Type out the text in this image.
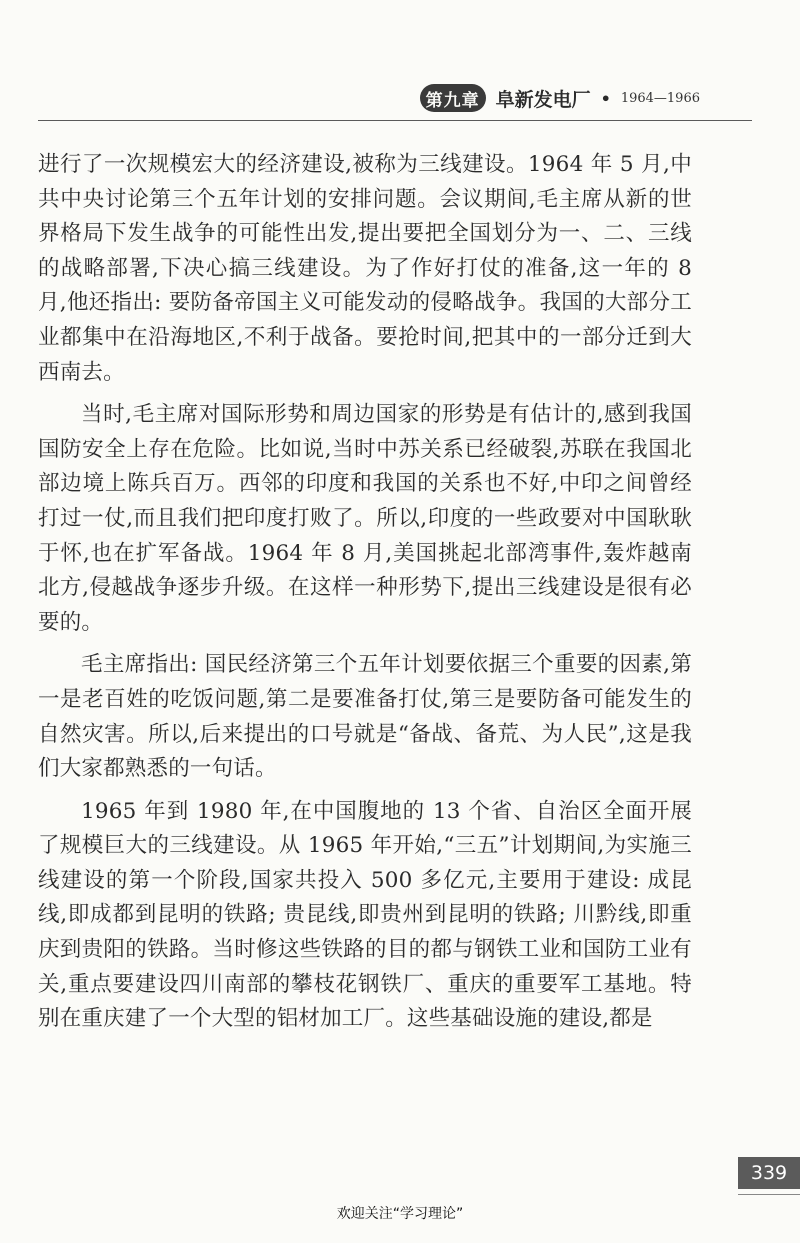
第九章 阜新发电厂 • 1964—1966

进行了一次规模宏大的经济建设,被称为三线建设。1964 年 5 月,中共中央讨论第三个五年计划的安排问题。会议期间,毛主席从新的世界格局下发生战争的可能性出发,提出要把全国划分为一、二、三线的战略部署,下决心搞三线建设。为了作好打仗的准备,这一年的 8 月,他还指出: 要防备帝国主义可能发动的侵略战争。我国的大部分工业都集中在沿海地区,不利于战备。要抢时间,把其中的一部分迁到大西南去。

当时,毛主席对国际形势和周边国家的形势是有估计的,感到我国国防安全上存在危险。比如说,当时中苏关系已经破裂,苏联在我国北部边境上陈兵百万。西邻的印度和我国的关系也不好,中印之间曾经打过一仗,而且我们把印度打败了。所以,印度的一些政要对中国耿耿于怀,也在扩军备战。1964 年 8 月,美国挑起北部湾事件,轰炸越南北方,侵越战争逐步升级。在这样一种形势下,提出三线建设是很有必要的。

毛主席指出: 国民经济第三个五年计划要依据三个重要的因素,第一是老百姓的吃饭问题,第二是要准备打仗,第三是要防备可能发生的自然灾害。所以,后来提出的口号就是“备战、备荒、为人民”,这是我们大家都熟悉的一句话。

1965 年到 1980 年,在中国腹地的 13 个省、自治区全面开展了规模巨大的三线建设。从 1965 年开始,“三五”计划期间,为实施三线建设的第一个阶段,国家共投入 500 多亿元,主要用于建设: 成昆线,即成都到昆明的铁路; 贵昆线,即贵州到昆明的铁路; 川黔线,即重庆到贵阳的铁路。当时修这些铁路的目的都与钢铁工业和国防工业有关,重点要建设四川南部的攀枝花钢铁厂、重庆的重要军工基地。特别在重庆建了一个大型的铝材加工厂。这些基础设施的建设,都是

339
欢迎关注“学习理论”
